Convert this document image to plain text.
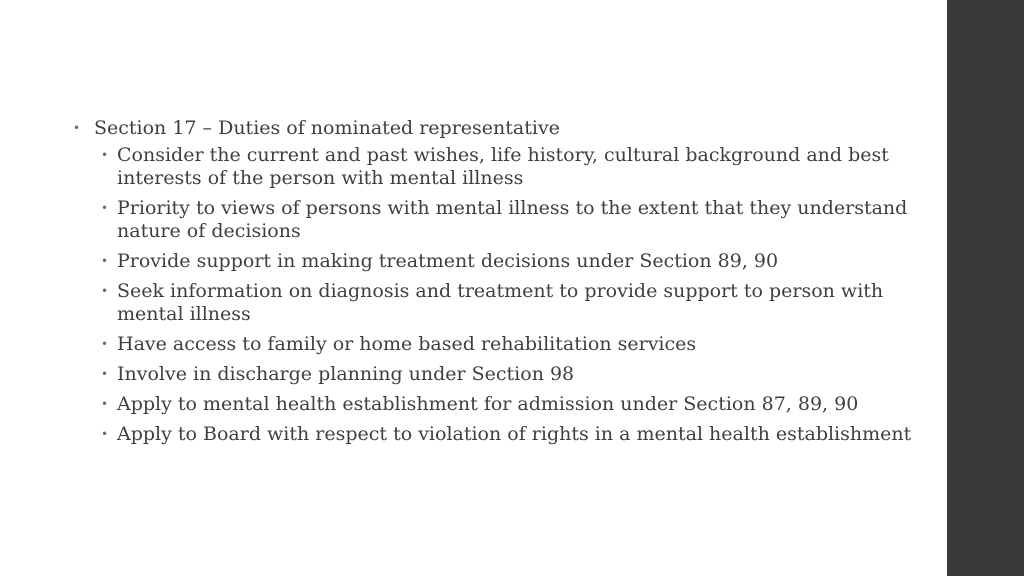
• Section 17 – Duties of nominated representative
• Consider the current and past wishes, life history, cultural background and best interests of the person with mental illness
• Priority to views of persons with mental illness to the extent that they understand nature of decisions
• Provide support in making treatment decisions under Section 89, 90
• Seek information on diagnosis and treatment to provide support to person with mental illness
• Have access to family or home based rehabilitation services
• Involve in discharge planning under Section 98
• Apply to mental health establishment for admission under Section 87, 89, 90
• Apply to Board with respect to violation of rights in a mental health establishment
